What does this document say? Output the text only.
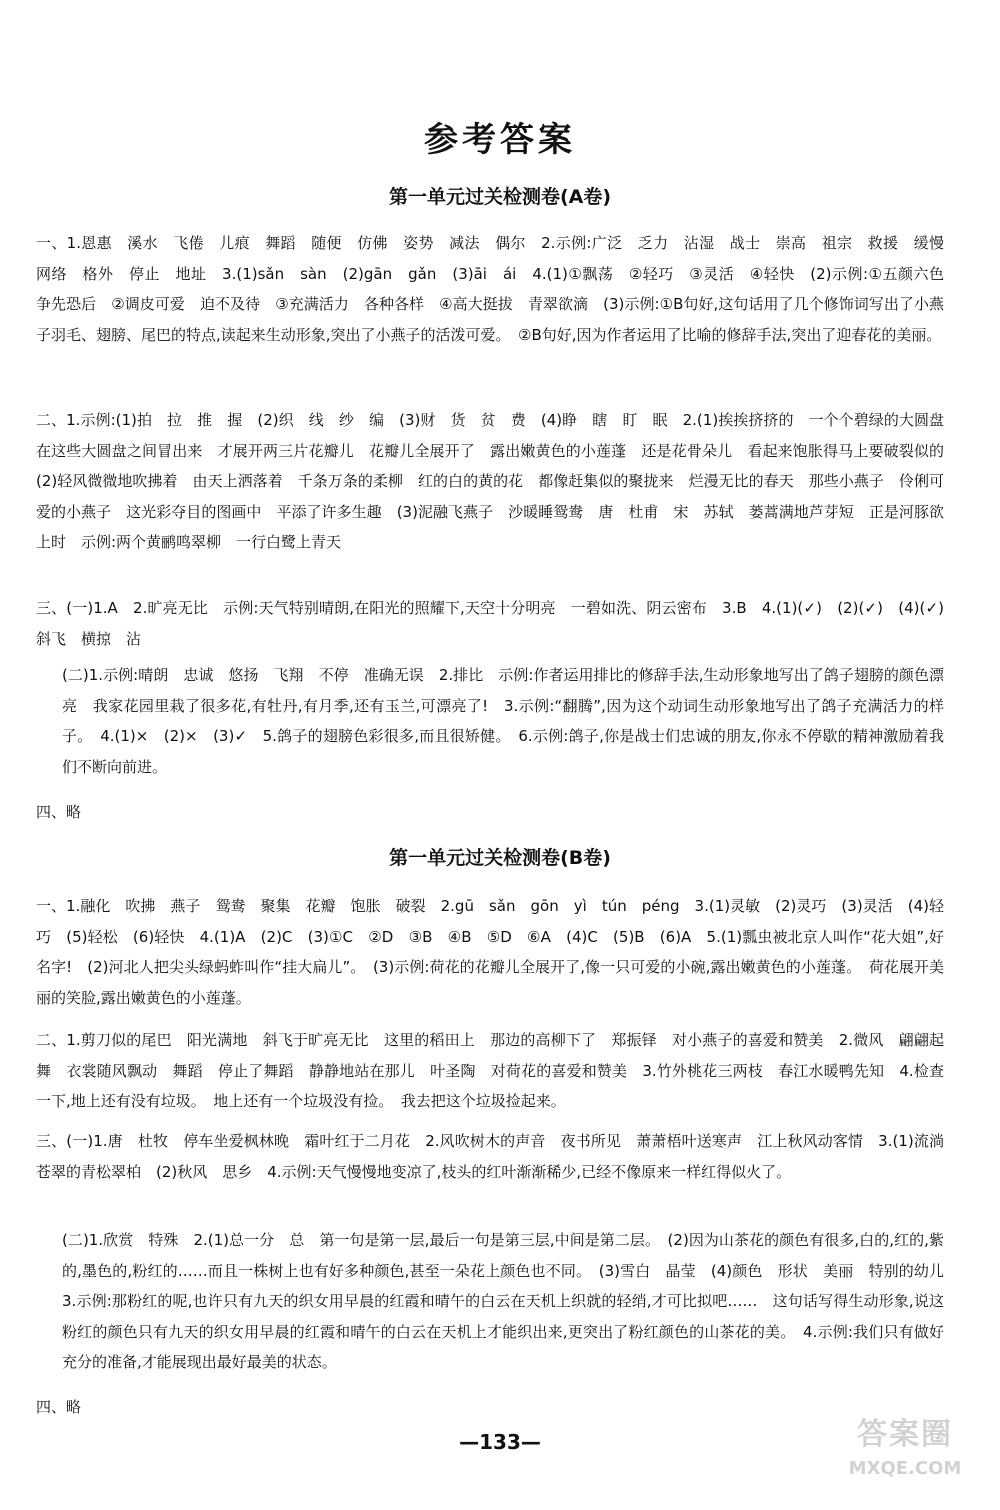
参考答案
第一单元过关检测卷(A卷)
一、1.恩惠　溪水　飞倦　儿痕　舞蹈　随便　仿佛　姿势　减法　偶尔　2.示例:广泛　乏力　沾湿　战士　崇高　祖宗　救援　缓慢　网络　格外　停止　地址　3.(1)sǎn　sàn　(2)gān　gǎn　(3)āi　ái　4.(1)①飘荡　②轻巧　③灵活　④轻快　(2)示例:①五颜六色　争先恐后　②调皮可爱　迫不及待　③充满活力　各种各样　④高大挺拔　青翠欲滴　(3)示例:①B句好,这句话用了几个修饰词写出了小燕子羽毛、翅膀、尾巴的特点,读起来生动形象,突出了小燕子的活泼可爱。　②B句好,因为作者运用了比喻的修辞手法,突出了迎春花的美丽。
二、1.示例:(1)拍　拉　推　握　(2)织　线　纱　编　(3)财　货　贫　费　(4)睁　瞎　盯　眠　2.(1)挨挨挤挤的　一个个碧绿的大圆盘　在这些大圆盘之间冒出来　才展开两三片花瓣儿　花瓣儿全展开了　露出嫩黄色的小莲蓬　还是花骨朵儿　看起来饱胀得马上要破裂似的　(2)轻风微微地吹拂着　由天上洒落着　千条万条的柔柳　红的白的黄的花　都像赶集似的聚拢来　烂漫无比的春天　那些小燕子　伶俐可爱的小燕子　这光彩夺目的图画中　平添了许多生趣　(3)泥融飞燕子　沙暖睡鸳鸯　唐　杜甫　宋　苏轼　蒌蒿满地芦芽短　正是河豚欲上时　示例:两个黄鹂鸣翠柳　一行白鹭上青天
三、(一)1.A　2.旷亮无比　示例:天气特别晴朗,在阳光的照耀下,天空十分明亮　一碧如洗、阴云密布　3.B　4.(1)(✓)　(2)(✓)　(4)(✓)　斜飞　横掠　沾
(二)1.示例:晴朗　忠诚　悠扬　飞翔　不停　准确无误　2.排比　示例:作者运用排比的修辞手法,生动形象地写出了鸽子翅膀的颜色漂亮　我家花园里栽了很多花,有牡丹,有月季,还有玉兰,可漂亮了!　3.示例:“翻腾”,因为这个动词生动形象地写出了鸽子充满活力的样子。　4.(1)×　(2)×　(3)✓　5.鸽子的翅膀色彩很多,而且很矫健。　6.示例:鸽子,你是战士们忠诚的朋友,你永不停歇的精神激励着我们不断向前进。
四、略
第一单元过关检测卷(B卷)
一、1.融化　吹拂　燕子　鸳鸯　聚集　花瓣　饱胀　破裂　2.gū　sǎn　gōn　yì　tún　péng　3.(1)灵敏　(2)灵巧　(3)灵活　(4)轻巧　(5)轻松　(6)轻快　4.(1)A　(2)C　(3)①C　②D　③B　④B　⑤D　⑥A　(4)C　(5)B　(6)A　5.(1)瓢虫被北京人叫作“花大姐”,好名字!　(2)河北人把尖头绿蚂蚱叫作“挂大扁儿”。　(3)示例:荷花的花瓣儿全展开了,像一只可爱的小碗,露出嫩黄色的小莲蓬。　荷花展开美丽的笑脸,露出嫩黄色的小莲蓬。
二、1.剪刀似的尾巴　阳光满地　斜飞于旷亮无比　这里的稻田上　那边的高柳下了　郑振铎　对小燕子的喜爱和赞美　2.微风　翩翩起舞　衣裳随风飘动　舞蹈　停止了舞蹈　静静地站在那儿　叶圣陶　对荷花的喜爱和赞美　3.竹外桃花三两枝　春江水暖鸭先知　4.检查一下,地上还有没有垃圾。　地上还有一个垃圾没有捡。　我去把这个垃圾捡起来。
三、(一)1.唐　杜牧　停车坐爱枫林晚　霜叶红于二月花　2.风吹树木的声音　夜书所见　萧萧梧叶送寒声　江上秋风动客情　3.(1)流淌　苍翠的青松翠柏　(2)秋风　思乡　4.示例:天气慢慢地变凉了,枝头的红叶渐渐稀少,已经不像原来一样红得似火了。
(二)1.欣赏　特殊　2.(1)总一分　总　第一句是第一层,最后一句是第三层,中间是第二层。　(2)因为山茶花的颜色有很多,白的,红的,紫的,墨色的,粉红的……而且一株树上也有好多种颜色,甚至一朵花上颜色也不同。　(3)雪白　晶莹　(4)颜色　形状　美丽　特别的幼儿　3.示例:那粉红的呢,也许只有九天的织女用早晨的红霞和晴午的白云在天机上织就的轻绡,才可比拟吧……　这句话写得生动形象,说这粉红的颜色只有九天的织女用早晨的红霞和晴午的白云在天机上才能织出来,更突出了粉红颜色的山茶花的美。　4.示例:我们只有做好充分的准备,才能展现出最好最美的状态。
四、略
—133—	答案圈
MXQE.COM
